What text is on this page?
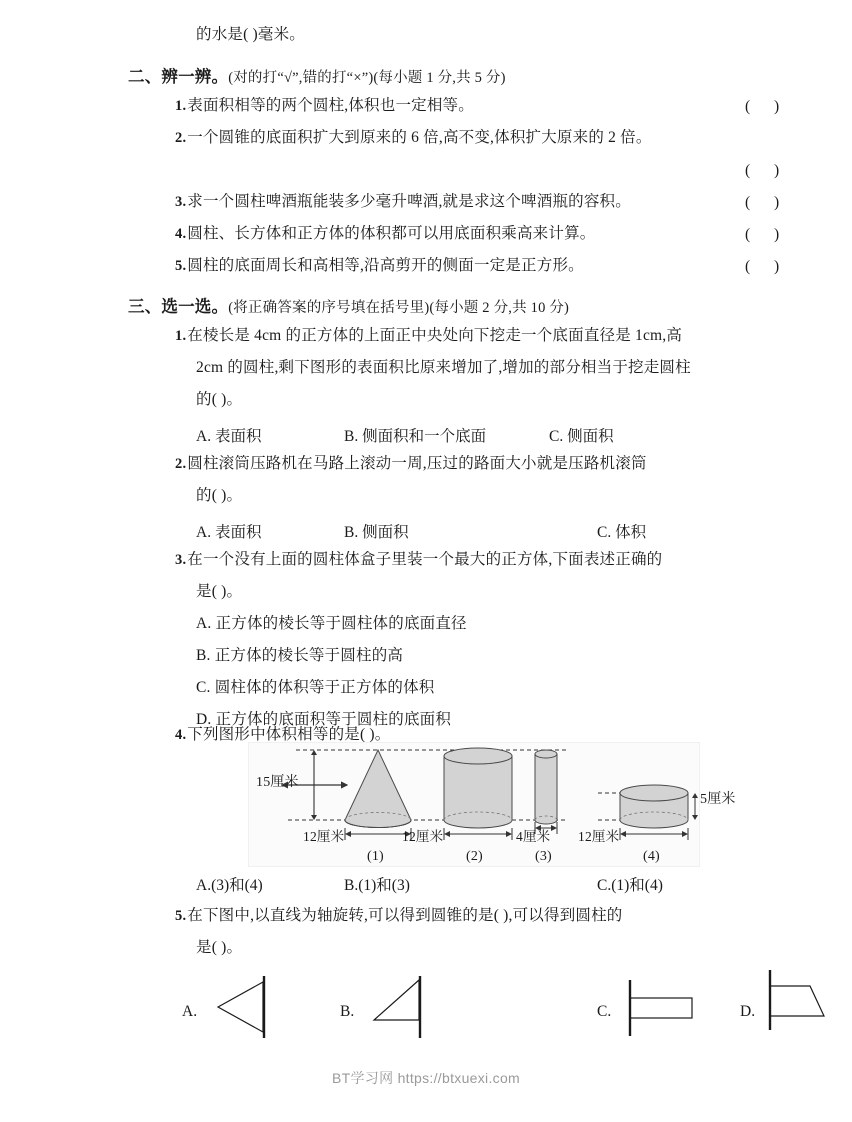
的水是( )毫米。
二、辨一辨。(对的打“√”,错的打“×”)(每小题 1 分,共 5 分)
1.表面积相等的两个圆柱,体积也一定相等。	( )
2.一个圆锥的底面积扩大到原来的 6 倍,高不变,体积扩大原来的 2 倍。
( )
3.求一个圆柱啤酒瓶能装多少毫升啤酒,就是求这个啤酒瓶的容积。	( )
4.圆柱、长方体和正方体的体积都可以用底面积乘高来计算。	( )
5.圆柱的底面周长和高相等,沿高剪开的侧面一定是正方形。	( )
三、选一选。(将正确答案的序号填在括号里)(每小题 2 分,共 10 分)
1.在棱长是 4cm 的正方体的上面正中央处向下挖走一个底面直径是 1cm,高
2cm 的圆柱,剩下图形的表面积比原来增加了,增加的部分相当于挖走圆柱
的( )。
A. 表面积	B. 侧面积和一个底面	C. 侧面积
2.圆柱滚筒压路机在马路上滚动一周,压过的路面大小就是压路机滚筒
的( )。
A. 表面积	B. 侧面积	C. 体积
3.在一个没有上面的圆柱体盒子里装一个最大的正方体,下面表述正确的
是( )。
A. 正方体的棱长等于圆柱体的底面直径
B. 正方体的棱长等于圆柱的高
C. 圆柱体的体积等于正方体的体积
D. 正方体的底面积等于圆柱的底面积
4.下列图形中体积相等的是( )。
15厘米
5厘米
12厘米	12厘米	4厘米 12厘米
(1)	(2)	(3)	(4)
A.(3)和(4)	B.(1)和(3)	C.(1)和(4)
5.在下图中,以直线为轴旋转,可以得到圆锥的是( ),可以得到圆柱的
是( )。
A.	B.	C.	D.
BT学习网 https://btxuexi.com
